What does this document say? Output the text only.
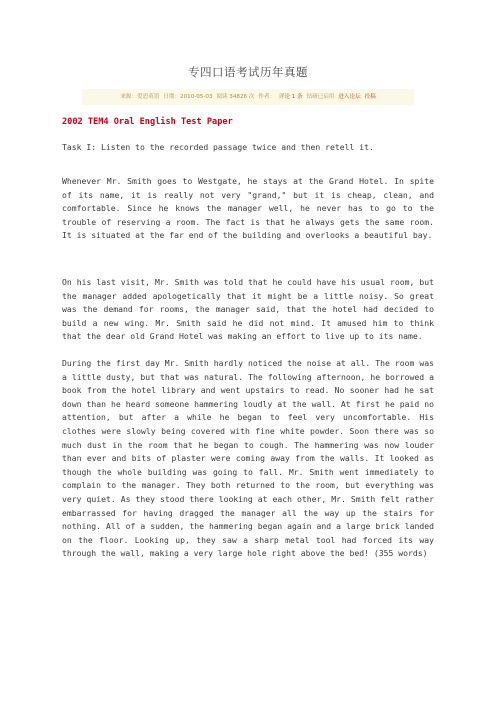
专四口语考试历年真题
来源：爱思英语 日期：2010-05-03 阅读 34826 次 作者： 评论 1 条 钻研已启用 进入论坛 投稿
2002 TEM4 Oral English Test Paper

Task I: Listen to the recorded passage twice and then retell it.

Whenever Mr. Smith goes to Westgate, he stays at the Grand Hotel. In spite of its name, it is really not very "grand," but it is cheap, clean, and comfortable. Since he knows the manager well, he never has to go to the trouble of reserving a room. The fact is that he always gets the same room. It is situated at the far end of the building and overlooks a beautiful bay.

On his last visit, Mr. Smith was told that he could have his usual room, but the manager added apologetically that it might be a little noisy. So great was the demand for rooms, the manager said, that the hotel had decided to build a new wing. Mr. Smith said he did not mind. It amused him to think that the dear old Grand Hotel was making an effort to live up to its name.

During the first day Mr. Smith hardly noticed the noise at all. The room was a little dusty, but that was natural. The following afternoon, he borrowed a book from the hotel library and went upstairs to read. No sooner had he sat down than he heard someone hammering loudly at the wall. At first he paid no attention, but after a while he began to feel very uncomfortable. His clothes were slowly being covered with fine white powder. Soon there was so much dust in the room that he began to cough. The hammering was now louder than ever and bits of plaster were coming away from the walls. It looked as though the whole building was going to fall. Mr. Smith went immediately to complain to the manager. They both returned to the room, but everything was very quiet. As they stood there looking at each other, Mr. Smith felt rather embarrassed for having dragged the manager all the way up the stairs for nothing. All of a sudden, the hammering began again and a large brick landed on the floor. Looking up, they saw a sharp metal tool had forced its way through the wall, making a very large hole right above the bed! (355 words)
